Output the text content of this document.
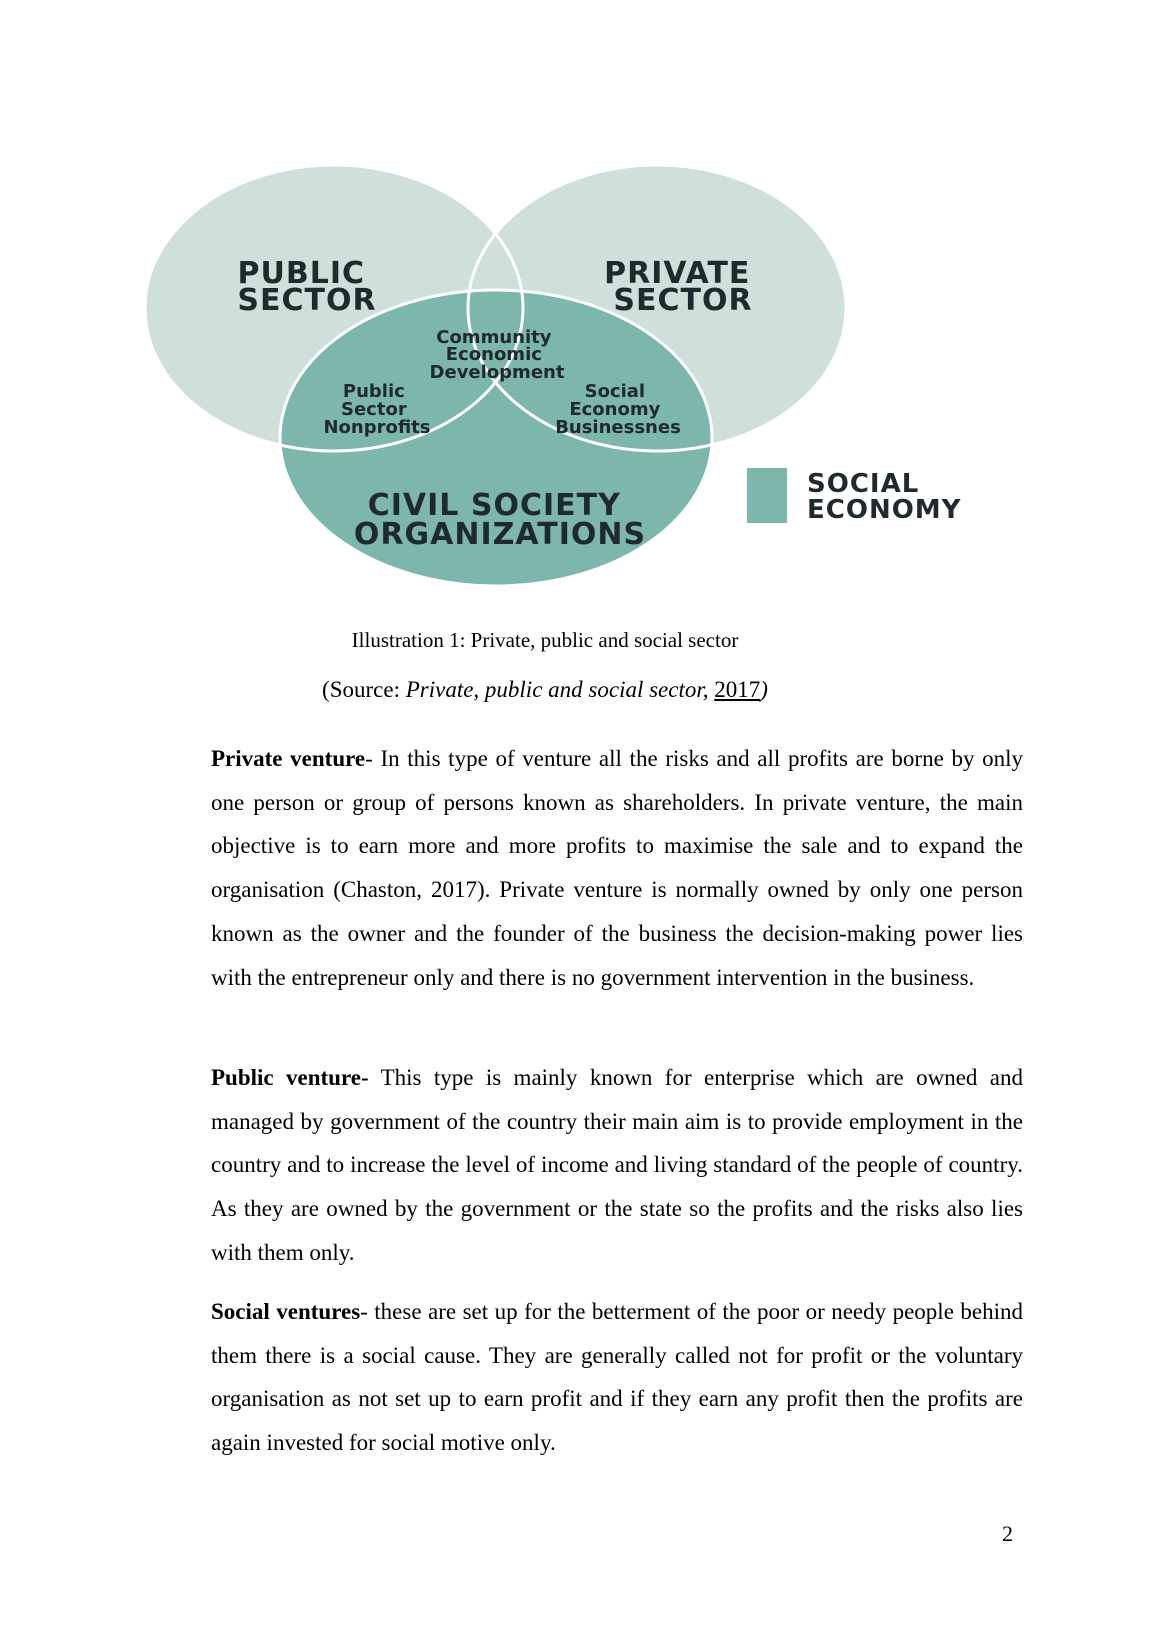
PUBLIC SECTOR
PRIVATE SECTOR
CIVIL SOCIETY ORGANIZATIONS
Community Economic Development
Public Sector Nonprofits
Social Economy Businessnes
SOCIAL ECONOMY
Illustration 1: Private, public and social sector
(Source: Private, public and social sector, 2017)

Private venture- In this type of venture all the risks and all profits are borne by only one person or group of persons known as shareholders. In private venture, the main objective is to earn more and more profits to maximise the sale and to expand the organisation (Chaston, 2017). Private venture is normally owned by only one person known as the owner and the founder of the business the decision-making power lies with the entrepreneur only and there is no government intervention in the business.

Public venture- This type is mainly known for enterprise which are owned and managed by government of the country their main aim is to provide employment in the country and to increase the level of income and living standard of the people of country. As they are owned by the government or the state so the profits and the risks also lies with them only.

Social ventures- these are set up for the betterment of the poor or needy people behind them there is a social cause. They are generally called not for profit or the voluntary organisation as not set up to earn profit and if they earn any profit then the profits are again invested for social motive only.

2
